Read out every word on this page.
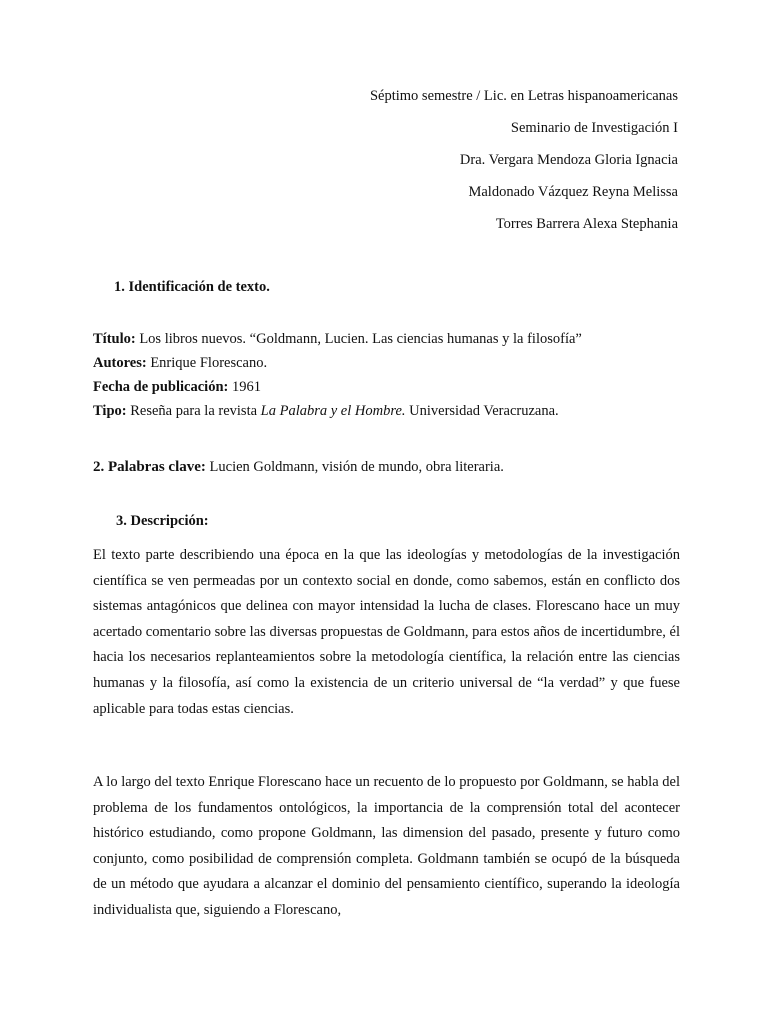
Séptimo semestre / Lic. en Letras hispanoamericanas
Seminario de Investigación I
Dra. Vergara Mendoza Gloria Ignacia
Maldonado Vázquez Reyna Melissa
Torres Barrera Alexa Stephania
1. Identificación de texto.
Título: Los libros nuevos. “Goldmann, Lucien. Las ciencias humanas y la filosofía”
Autores: Enrique Florescano.
Fecha de publicación: 1961
Tipo: Reseña para la revista La Palabra y el Hombre. Universidad Veracruzana.
2. Palabras clave: Lucien Goldmann, visión de mundo, obra literaria.
3. Descripción:

El texto parte describiendo una época en la que las ideologías y metodologías de la investigación científica se ven permeadas por un contexto social en donde, como sabemos, están en conflicto dos sistemas antagónicos que delinea con mayor intensidad la lucha de clases. Florescano hace un muy acertado comentario sobre las diversas propuestas de Goldmann, para estos años de incertidumbre, él hacia los necesarios replanteamientos sobre la metodología científica, la relación entre las ciencias humanas y la filosofía, así como la existencia de un criterio universal de “la verdad” y que fuese aplicable para todas estas ciencias.

A lo largo del texto Enrique Florescano hace un recuento de lo propuesto por Goldmann, se habla del problema de los fundamentos ontológicos, la importancia de la comprensión total del acontecer histórico estudiando, como propone Goldmann, las dimension del pasado, presente y futuro como conjunto, como posibilidad de comprensión completa. Goldmann también se ocupó de la búsqueda de un método que ayudara a alcanzar el dominio del pensamiento científico, superando la ideología individualista que, siguiendo a Florescano,
